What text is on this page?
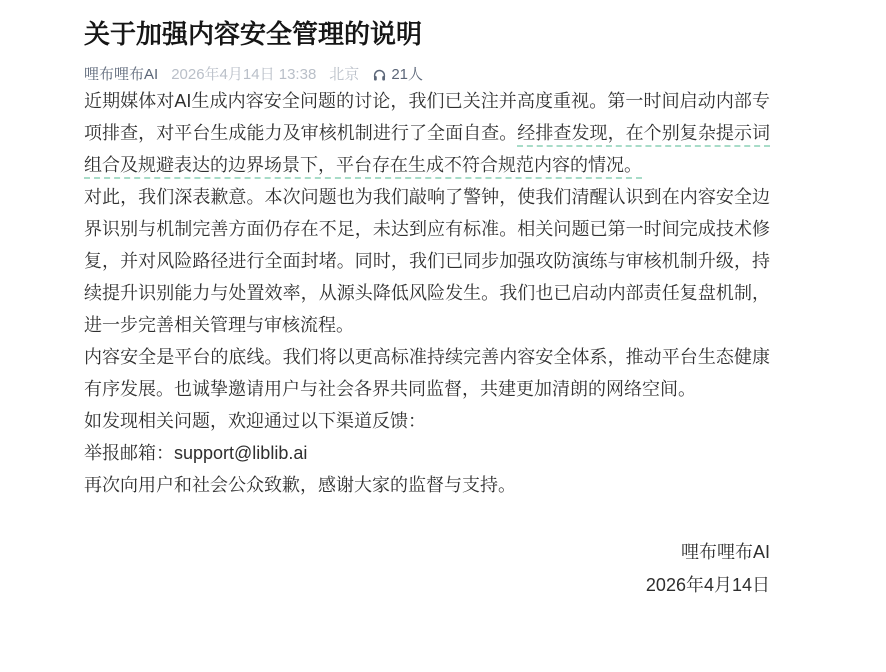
关于加强内容安全管理的说明
哩布哩布AI 2026年4月14日 13:38 北京 21人

近期媒体对AI生成内容安全问题的讨论，我们已关注并高度重视。第一时间启动内部专项排查，对平台生成能力及审核机制进行了全面自查。经排查发现，在个别复杂提示词组合及规避表达的边界场景下，平台存在生成不符合规范内容的情况。

对此，我们深表歉意。本次问题也为我们敲响了警钟，使我们清醒认识到在内容安全边界识别与机制完善方面仍存在不足，未达到应有标准。相关问题已第一时间完成技术修复，并对风险路径进行全面封堵。同时，我们已同步加强攻防演练与审核机制升级，持续提升识别能力与处置效率，从源头降低风险发生。我们也已启动内部责任复盘机制，进一步完善相关管理与审核流程。

内容安全是平台的底线。我们将以更高标准持续完善内容安全体系，推动平台生态健康有序发展。也诚挚邀请用户与社会各界共同监督，共建更加清朗的网络空间。

如发现相关问题，欢迎通过以下渠道反馈：

举报邮箱：support@liblib.ai

再次向用户和社会公众致歉，感谢大家的监督与支持。

哩布哩布AI

2026年4月14日
